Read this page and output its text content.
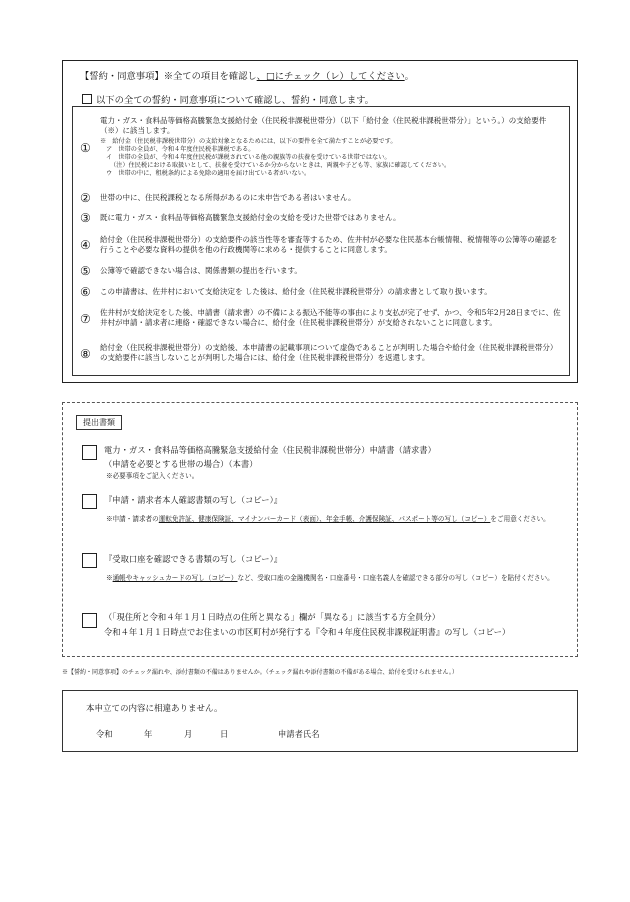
【誓約・同意事項】※全ての項目を確認し、□にチェック（レ）してください。
以下の全ての誓約・同意事項について確認し、誓約・同意します。
①
電力・ガス・食料品等価格高騰緊急支援給付金（住民税非課税世帯分）（以下「給付金（住民税非課税世帯分）」という。）の支給要件（※）に該当します。
※　給付金（住民税非課税世帯分）の支給対象となるためには、以下の要件を全て満たすことが必要です。
ア　世帯の全員が、令和４年度住民税非課税である。
イ　世帯の全員が、令和４年度住民税が課税されている他の親族等の扶養を受けている世帯ではない。
（注）住民税における取扱いとして、扶養を受けているか分からないときは、両親や子ども等、家族に確認してください。
ウ　世帯の中に、租税条約による免除の適用を届け出ている者がいない。
② 世帯の中に、住民税課税となる所得があるのに未申告である者はいません。
③ 既に電力・ガス・食料品等価格高騰緊急支援給付金の支給を受けた世帯ではありません。
④ 給付金（住民税非課税世帯分）の支給要件の該当性等を審査等するため、佐井村が必要な住民基本台帳情報、税情報等の公簿等の確認を行うことや必要な資料の提供を他の行政機関等に求める・提供することに同意します。
⑤ 公簿等で確認できない場合は、関係書類の提出を行います。
⑥ この申請書は、佐井村において支給決定を した後は、給付金（住民税非課税世帯分）の請求書として取り扱います。
⑦ 佐井村が支給決定をした後、申請書（請求書）の不備による振込不能等の事由により支払が完了せず、かつ、令和5年2月28日までに、佐井村が申請・請求者に連絡・確認できない場合に、給付金（住民税非課税世帯分）が支給されないことに同意します。
⑧ 給付金（住民税非課税世帯分）の支給後、本申請書の記載事項について虚偽であることが判明した場合や給付金（住民税非課税世帯分）の支給要件に該当しないことが判明した場合には、給付金（住民税非課税世帯分）を返還します。
提出書類
電力・ガス・食料品等価格高騰緊急支援給付金（住民税非課税世帯分）申請書（請求書）
（申請を必要とする世帯の場合）（本書）
※必要事項をご記入ください。
『申請・請求者本人確認書類の写し（コピー）』
※申請・請求者の運転免許証、健康保険証、マイナンバーカード（表面）、年金手帳、介護保険証、パスポート等の写し（コピー）をご用意ください。
『受取口座を確認できる書類の写し（コピー）』
※通帳やキャッシュカードの写し（コピー）など、受取口座の金融機関名・口座番号・口座名義人を確認できる部分の写し（コピー）を貼付ください。
（「現住所と令和４年１月１日時点の住所と異なる」欄が「異なる」に該当する方全員分）
令和４年１月１日時点でお住まいの市区町村が発行する『令和４年度住民税非課税証明書』の写し（コピー）
※【誓約・同意事項】のチェック漏れや、添付書類の不備はありませんか。（チェック漏れや添付書類の不備がある場合、給付を受けられません。）
本申立ての内容に相違ありません。
令和	年	月	日	申請者氏名
